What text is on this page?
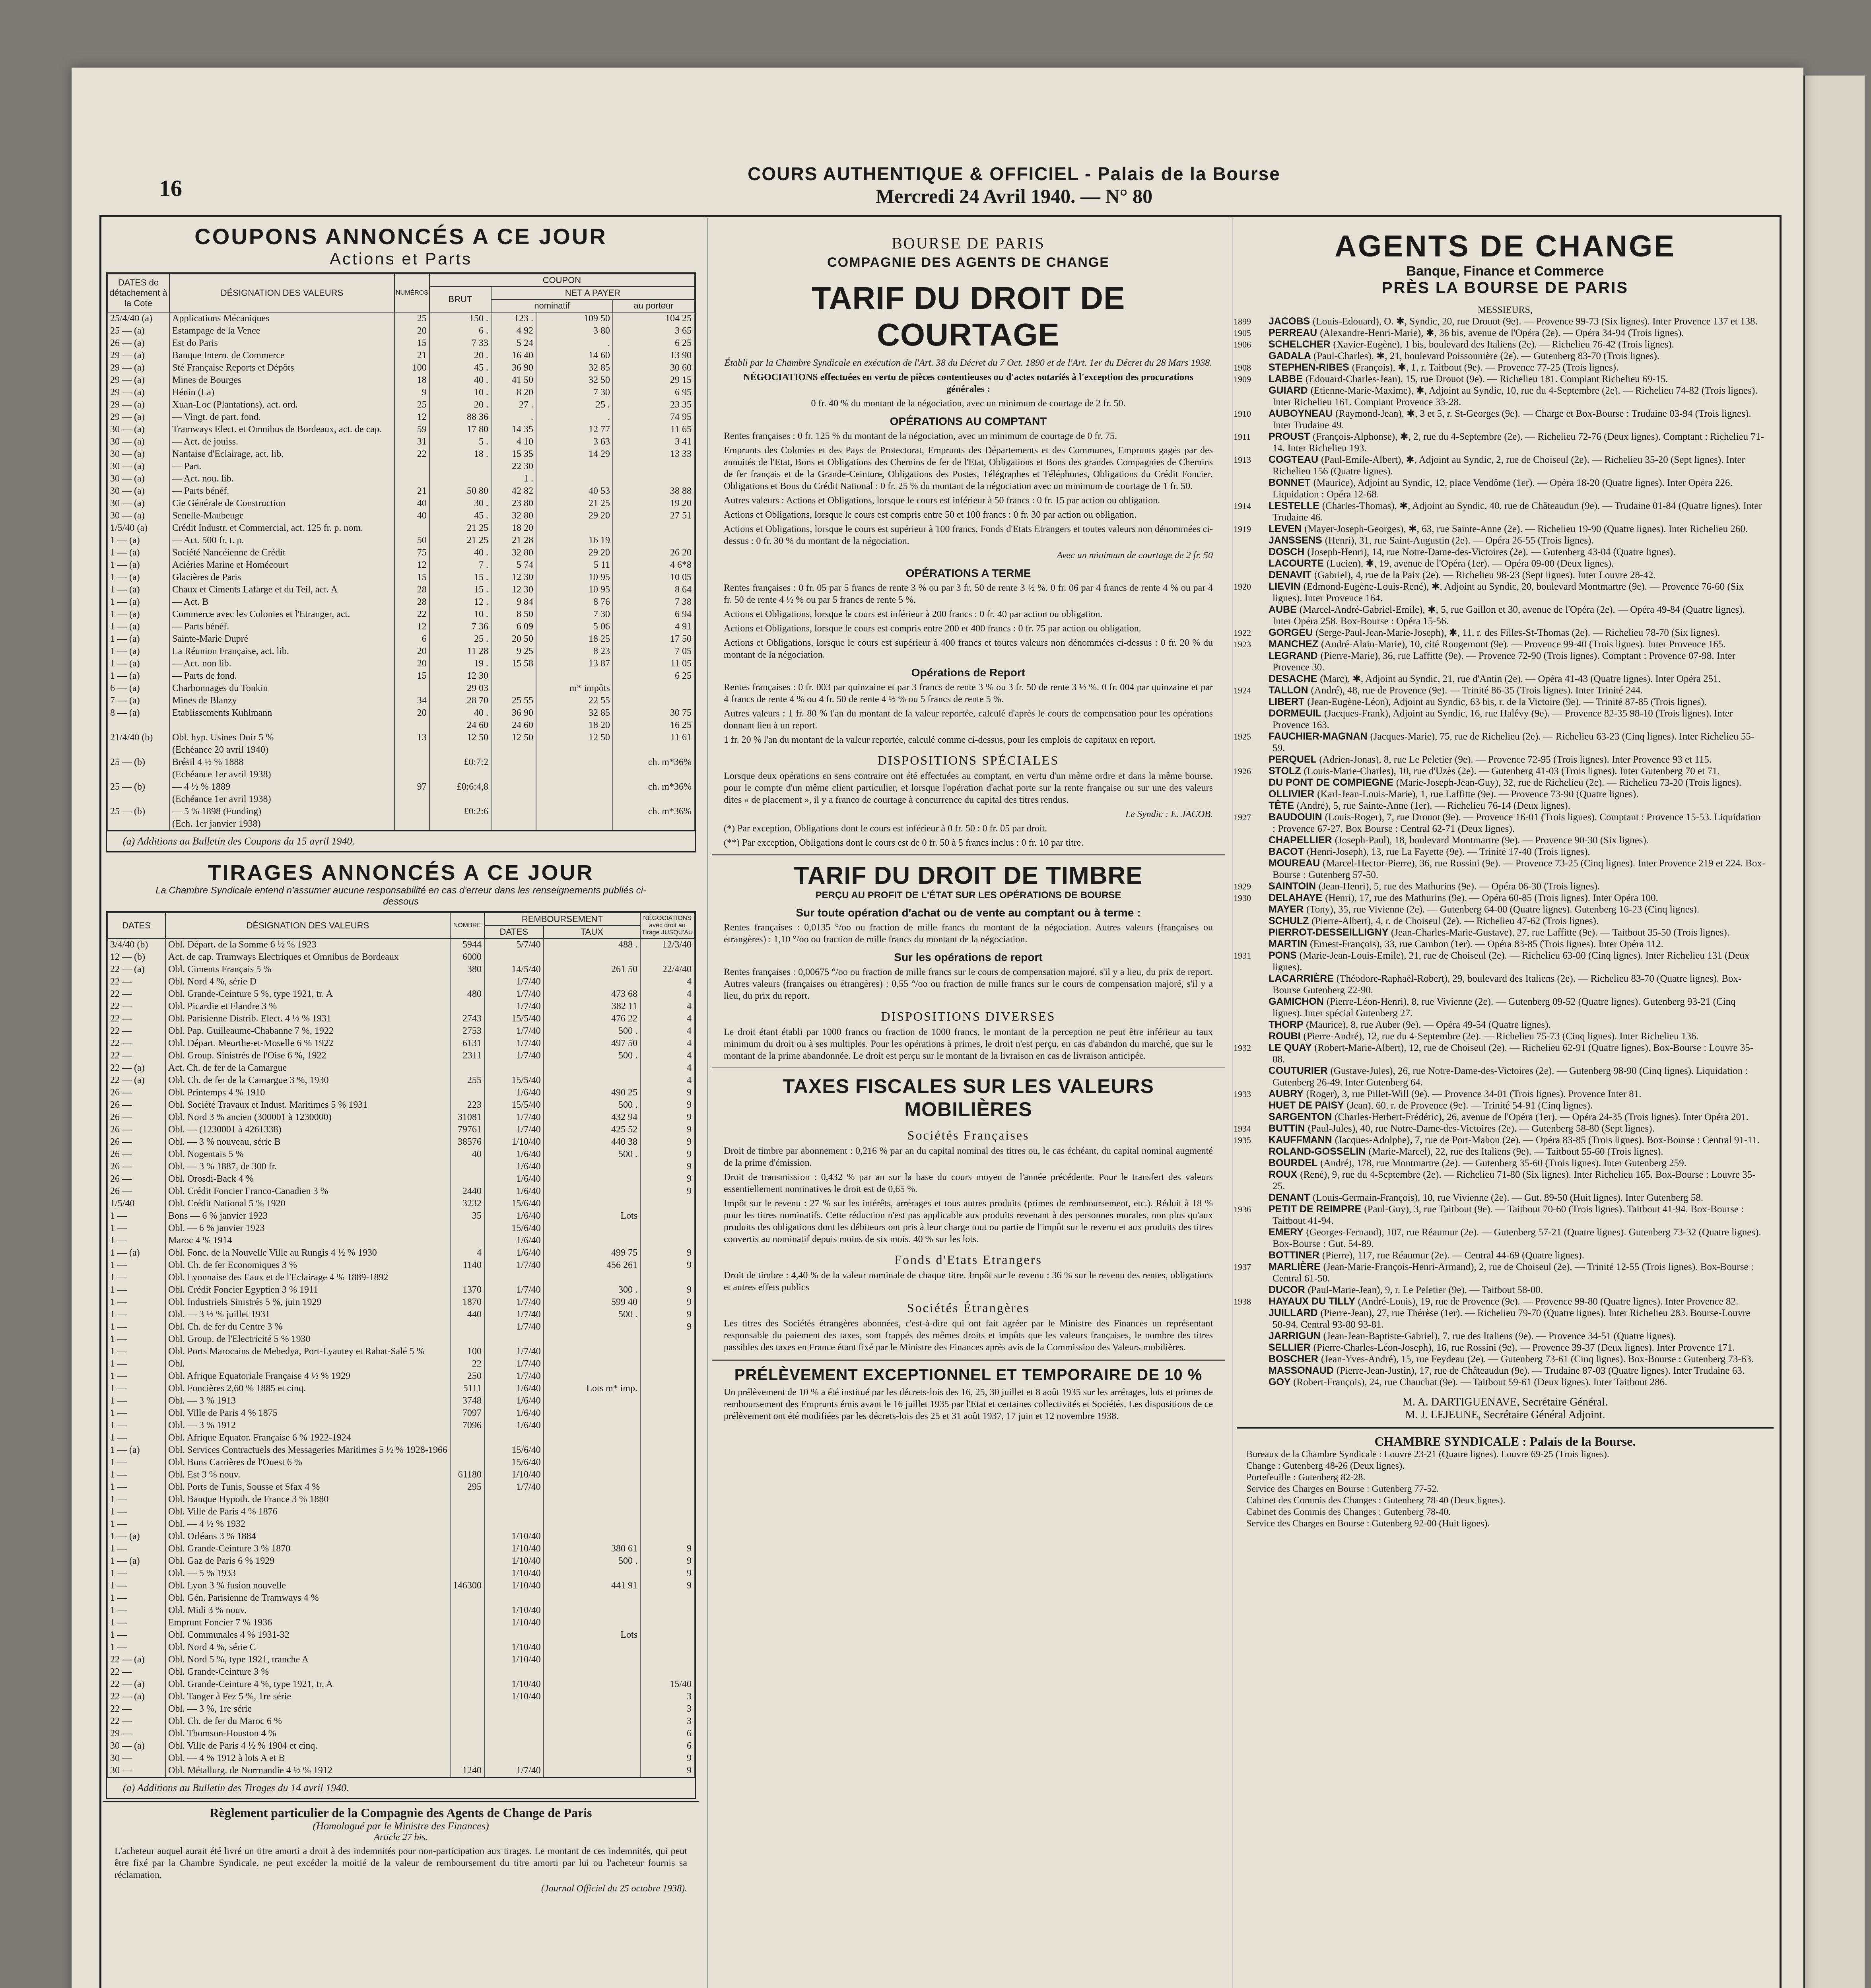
16
COURS AUTHENTIQUE & OFFICIEL - Palais de la Bourse
Mercredi 24 Avril 1940. — N° 80
COUPONS ANNONCÉS A CE JOUR
Actions et Parts
DATES de détachement à la Cote	DÉSIGNATION DES VALEURS	NUMÉROS	COUPON			
			BRUT	NET A PAYER		
				nominatif		au porteur
25/4/40 (a)	Applications Mécaniques	25	150 .	123 .	109 50	104 25
25 — (a)	Estampage de la Vence	20	6 .	4 92	3 80	3 65
26 — (a)	Est do Paris	15	7 33	5 24	.	6 25
29 — (a)	Banque Intern. de Commerce	21	20 .	16 40	14 60	13 90
29 — (a)	Sté Française Reports et Dépôts	100	45 .	36 90	32 85	30 60
29 — (a)	Mines de Bourges	18	40 .	41 50	32 50	29 15
29 — (a)	Hénin (La)	9	10 .	8 20	7 30	6 95
29 — (a)	Xuan-Loc (Plantations), act. ord.	25	20 .	27 .	25 .	23 35
29 — (a)	— Vingt. de part. fond.	12	88 36	.	.	74 95
30 — (a)	Tramways Elect. et Omnibus de Bordeaux, act. de cap.	59	17 80	14 35	12 77	11 65
30 — (a)	— Act. de jouiss.	31	5 .	4 10	3 63	3 41
30 — (a)	Nantaise d'Eclairage, act. lib.	22	18 .	15 35	14 29	13 33
30 — (a)	— Part.			22 30		
30 — (a)	— Act. nou. lib.			1 .		
30 — (a)	— Parts bénéf.	21	50 80	42 82	40 53	38 88
30 — (a)	Cie Générale de Construction	40	30 .	23 80	21 25	19 20
30 — (a)	Senelle-Maubeuge	40	45 .	32 80	29 20	27 51
1/5/40 (a)	Crédit Industr. et Commercial, act. 125 fr. p. nom.		21 25	18 20		
1 — (a)	— Act. 500 fr. t. p.	50	21 25	21 28	16 19	
1 — (a)	Société Nancéienne de Crédit	75	40 .	32 80	29 20	26 20
1 — (a)	Aciéries Marine et Homécourt	12	7 .	5 74	5 11	4 6*8
1 — (a)	Glacières de Paris	15	15 .	12 30	10 95	10 05
1 — (a)	Chaux et Ciments Lafarge et du Teil, act. A	28	15 .	12 30	10 95	8 64
1 — (a)	— Act. B	28	12 .	9 84	8 76	7 38
1 — (a)	Commerce avec les Colonies et l'Etranger, act.	22	10 .	8 50	7 30	6 94
1 — (a)	— Parts bénéf.	12	7 36	6 09	5 06	4 91
1 — (a)	Sainte-Marie Dupré	6	25 .	20 50	18 25	17 50
1 — (a)	La Réunion Française, act. lib.	20	11 28	9 25	8 23	7 05
1 — (a)	— Act. non lib.	20	19 .	15 58	13 87	11 05
1 — (a)	— Parts de fond.	15	12 30			6 25
6 — (a)	Charbonnages du Tonkin		29 03		m* impôts	
7 — (a)	Mines de Blanzy	34	28 70	25 55	22 55	
8 — (a)	Etablissements Kuhlmann	20	40 .	36 90	32 85	30 75
			24 60	24 60	18 20	16 25
21/4/40 (b)	Obl. hyp. Usines Doir 5 %	13	12 50	12 50	12 50	11 61
	(Echéance 20 avril 1940)					
25 — (b)	Brésil 4 ½ % 1888		£0:7:2			ch. m*36%
	(Echéance 1er avril 1938)					
25 — (b)	— 4 ½ % 1889	97	£0:6:4,8			ch. m*36%
	(Echéance 1er avril 1938)					
25 — (b)	— 5 % 1898 (Funding)		£0:2:6			ch. m*36%
	(Ech. 1er janvier 1938)					
(a) Additions au Bulletin des Coupons du 15 avril 1940.
TIRAGES ANNONCÉS A CE JOUR
La Chambre Syndicale entend n'assumer aucune responsabilité en cas d'erreur dans les renseignements publiés ci-dessous
DATES	DÉSIGNATION DES VALEURS	NOMBRE	REMBOURSEMENT		NÉGOCIATIONS avec droit au Tirage JUSQU'AU
			DATES	TAUX	
3/4/40 (b)	Obl. Départ. de la Somme 6 ½ % 1923	5944	5/7/40	488 .	12/3/40
12 — (b)	Act. de cap. Tramways Electriques et Omnibus de Bordeaux	6000			
22 — (a)	Obl. Ciments Français 5 %	380	14/5/40	261 50	22/4/40
22 —	Obl. Nord 4 %, série D		1/7/40		4
22 —	Obl. Grande-Ceinture 5 %, type 1921, tr. A	480	1/7/40	473 68	4
22 —	Obl. Picardie et Flandre 3 %		1/7/40	382 11	4
22 —	Obl. Parisienne Distrib. Elect. 4 ½ % 1931	2743	15/5/40	476 22	4
22 —	Obl. Pap. Guilleaume-Chabanne 7 %, 1922	2753	1/7/40	500 .	4
22 —	Obl. Départ. Meurthe-et-Moselle 6 % 1922	6131	1/7/40	497 50	4
22 —	Obl. Group. Sinistrés de l'Oise 6 %, 1922	2311	1/7/40	500 .	4
22 — (a)	Act. Ch. de fer de la Camargue				4
22 — (a)	Obl. Ch. de fer de la Camargue 3 %, 1930	255	15/5/40		4
26 —	Obl. Printemps 4 % 1910		1/6/40	490 25	9
26 —	Obl. Société Travaux et Indust. Maritimes 5 % 1931	223	15/5/40	500 .	9
26 —	Obl. Nord 3 % ancien (300001 à 1230000)	31081	1/7/40	432 94	9
26 —	Obl. — (1230001 à 4261338)	79761	1/7/40	425 52	9
26 —	Obl. — 3 % nouveau, série B	38576	1/10/40	440 38	9
26 —	Obl. Nogentais 5 %	40	1/6/40	500 .	9
26 —	Obl. — 3 % 1887, de 300 fr.		1/6/40		9
26 —	Obl. Orosdi-Back 4 %		1/6/40		9
26 —	Obl. Crédit Foncier Franco-Canadien 3 %	2440	1/6/40		9
1/5/40	Obl. Crédit National 5 % 1920	3232	15/6/40		
1 —	Bons — 6 % janvier 1923	35	1/6/40	Lots	
1 —	Obl. — 6 % janvier 1923		15/6/40		
1 —	Maroc 4 % 1914		1/6/40		
1 — (a)	Obl. Fonc. de la Nouvelle Ville au Rungis 4 ½ % 1930	4	1/6/40	499 75	9
1 —	Obl. Ch. de fer Economiques 3 %	1140	1/7/40	456 261	9
1 —	Obl. Lyonnaise des Eaux et de l'Eclairage 4 % 1889-1892				
1 —	Obl. Crédit Foncier Egyptien 3 % 1911	1370	1/7/40	300 .	9
1 —	Obl. Industriels Sinistrés 5 %, juin 1929	1870	1/7/40	599 40	9
1 —	Obl. — 3 ½ % juillet 1931	440	1/7/40	500 .	9
1 —	Obl. Ch. de fer du Centre 3 %		1/7/40		9
1 —	Obl. Group. de l'Electricité 5 % 1930				
1 —	Obl. Ports Marocains de Mehedya, Port-Lyautey et Rabat-Salé 5 %	100	1/7/40		
1 —	Obl.	22	1/7/40		
1 —	Obl. Afrique Equatoriale Française 4 ½ % 1929	250	1/7/40		
1 —	Obl. Foncières 2,60 % 1885 et cinq.	5111	1/6/40	Lots m* imp.	
1 —	Obl. — 3 % 1913	3748	1/6/40		
1 —	Obl. Ville de Paris 4 % 1875	7097	1/6/40		
1 —	Obl. — 3 % 1912	7096	1/6/40		
1 —	Obl. Afrique Equator. Française 6 % 1922-1924				
1 — (a)	Obl. Services Contractuels des Messageries Maritimes 5 ½ % 1928-1966		15/6/40		
1 —	Obl. Bons Carrières de l'Ouest 6 %		15/6/40		
1 —	Obl. Est 3 % nouv.	61180	1/10/40		
1 —	Obl. Ports de Tunis, Sousse et Sfax 4 %	295	1/7/40		
1 —	Obl. Banque Hypoth. de France 3 % 1880				
1 —	Obl. Ville de Paris 4 % 1876				
1 —	Obl. — 4 ½ % 1932				
1 — (a)	Obl. Orléans 3 % 1884		1/10/40		
1 —	Obl. Grande-Ceinture 3 % 1870		1/10/40	380 61	9
1 — (a)	Obl. Gaz de Paris 6 % 1929		1/10/40	500 .	9
1 —	Obl. — 5 % 1933		1/10/40		9
1 —	Obl. Lyon 3 % fusion nouvelle	146300	1/10/40	441 91	9
1 —	Obl. Gén. Parisienne de Tramways 4 %				
1 —	Obl. Midi 3 % nouv.		1/10/40		
1 —	Emprunt Foncier 7 % 1936		1/10/40		
1 —	Obl. Communales 4 % 1931-32			Lots	
1 —	Obl. Nord 4 %, série C		1/10/40		
22 — (a)	Obl. Nord 5 %, type 1921, tranche A		1/10/40		
22 —	Obl. Grande-Ceinture 3 %				
22 — (a)	Obl. Grande-Ceinture 4 %, type 1921, tr. A		1/10/40		15/40
22 — (a)	Obl. Tanger à Fez 5 %, 1re série		1/10/40		3
22 —	Obl. — 3 %, 1re série				3
22 —	Obl. Ch. de fer du Maroc 6 %				3
29 —	Obl. Thomson-Houston 4 %				6
30 — (a)	Obl. Ville de Paris 4 ½ % 1904 et cinq.				6
30 —	Obl. — 4 % 1912 à lots A et B				9
30 —	Obl. Métallurg. de Normandie 4 ½ % 1912	1240	1/7/40		9
(a) Additions au Bulletin des Tirages du 14 avril 1940.
Règlement particulier de la Compagnie des Agents de Change de Paris
(Homologué par le Ministre des Finances)
Article 27 bis.

L'acheteur auquel aurait été livré un titre amorti a droit à des indemnités pour non-participation aux tirages. Le montant de ces indemnités, qui peut être fixé par la Chambre Syndicale, ne peut excéder la moitié de la valeur de remboursement du titre amorti par lui ou l'acheteur fournis sa réclamation.

(Journal Officiel du 25 octobre 1938).
BOURSE DE PARIS
COMPAGNIE DES AGENTS DE CHANGE
TARIF DU DROIT DE COURTAGE

Établi par la Chambre Syndicale en exécution de l'Art. 38 du Décret du 7 Oct. 1890 et de l'Art. 1er du Décret du 28 Mars 1938.

NÉGOCIATIONS effectuées en vertu de pièces contentieuses ou d'actes notariés à l'exception des procurations générales :

0 fr. 40 % du montant de la négociation, avec un minimum de courtage de 2 fr. 50.

OPÉRATIONS AU COMPTANT

Rentes françaises : 0 fr. 125 % du montant de la négociation, avec un minimum de courtage de 0 fr. 75.

Emprunts des Colonies et des Pays de Protectorat, Emprunts des Départements et des Communes, Emprunts gagés par des annuités de l'Etat, Bons et Obligations des Chemins de fer de l'Etat, Obligations et Bons des grandes Compagnies de Chemins de fer français et de la Grande-Ceinture, Obligations des Postes, Télégraphes et Téléphones, Obligations du Crédit Foncier, Obligations et Bons du Crédit National : 0 fr. 25 % du montant de la négociation avec un minimum de courtage de 1 fr. 50.

Autres valeurs : Actions et Obligations, lorsque le cours est inférieur à 50 francs : 0 fr. 15 par action ou obligation.

Actions et Obligations, lorsque le cours est compris entre 50 et 100 francs : 0 fr. 30 par action ou obligation.

Actions et Obligations, lorsque le cours est supérieur à 100 francs, Fonds d'Etats Etrangers et toutes valeurs non dénommées ci-dessus : 0 fr. 30 % du montant de la négociation.

Avec un minimum de courtage de 2 fr. 50

OPÉRATIONS A TERME

Rentes françaises : 0 fr. 05 par 5 francs de rente 3 % ou par 3 fr. 50 de rente 3 ½ %. 0 fr. 06 par 4 francs de rente 4 % ou par 4 fr. 50 de rente 4 ½ % ou par 5 francs de rente 5 %.

Actions et Obligations, lorsque le cours est inférieur à 200 francs : 0 fr. 40 par action ou obligation.

Actions et Obligations, lorsque le cours est compris entre 200 et 400 francs : 0 fr. 75 par action ou obligation.

Actions et Obligations, lorsque le cours est supérieur à 400 francs et toutes valeurs non dénommées ci-dessus : 0 fr. 20 % du montant de la négociation.

Opérations de Report

Rentes françaises : 0 fr. 003 par quinzaine et par 3 francs de rente 3 % ou 3 fr. 50 de rente 3 ½ %. 0 fr. 004 par quinzaine et par 4 francs de rente 4 % ou 4 fr. 50 de rente 4 ½ % ou 5 francs de rente 5 %.

Autres valeurs : 1 fr. 80 % l'an du montant de la valeur reportée, calculé d'après le cours de compensation pour les opérations donnant lieu à un report.

1 fr. 20 % l'an du montant de la valeur reportée, calculé comme ci-dessus, pour les emplois de capitaux en report.

DISPOSITIONS SPÉCIALES

Lorsque deux opérations en sens contraire ont été effectuées au comptant, en vertu d'un même ordre et dans la même bourse, pour le compte d'un même client particulier, et lorsque l'opération d'achat porte sur la rente française ou sur une des valeurs dites « de placement », il y a franco de courtage à concurrence du capital des titres rendus.

Le Syndic : E. JACOB.

(*) Par exception, Obligations dont le cours est inférieur à 0 fr. 50 : 0 fr. 05 par droit.

(**) Par exception, Obligations dont le cours est de 0 fr. 50 à 5 francs inclus : 0 fr. 10 par titre.

TARIF DU DROIT DE TIMBRE
PERÇU AU PROFIT DE L'ÉTAT SUR LES OPÉRATIONS DE BOURSE
Sur toute opération d'achat ou de vente au comptant ou à terme :

Rentes françaises : 0,0135 °/oo ou fraction de mille francs du montant de la négociation. Autres valeurs (françaises ou étrangères) : 1,10 °/oo ou fraction de mille francs du montant de la négociation.

Sur les opérations de report

Rentes françaises : 0,00675 °/oo ou fraction de mille francs sur le cours de compensation majoré, s'il y a lieu, du prix de report. Autres valeurs (françaises ou étrangères) : 0,55 °/oo ou fraction de mille francs sur le cours de compensation majoré, s'il y a lieu, du prix du report.

DISPOSITIONS DIVERSES

Le droit étant établi par 1000 francs ou fraction de 1000 francs, le montant de la perception ne peut être inférieur au taux minimum du droit ou à ses multiples. Pour les opérations à primes, le droit n'est perçu, en cas d'abandon du marché, que sur le montant de la prime abandonnée. Le droit est perçu sur le montant de la livraison en cas de livraison anticipée.

TAXES FISCALES SUR LES VALEURS MOBILIÈRES
Sociétés Françaises

Droit de timbre par abonnement : 0,216 % par an du capital nominal des titres ou, le cas échéant, du capital nominal augmenté de la prime d'émission.

Droit de transmission : 0,432 % par an sur la base du cours moyen de l'année précédente. Pour le transfert des valeurs essentiellement nominatives le droit est de 0,65 %.

Impôt sur le revenu : 27 % sur les intérêts, arrérages et tous autres produits (primes de remboursement, etc.). Réduit à 18 % pour les titres nominatifs. Cette réduction n'est pas applicable aux produits revenant à des personnes morales, non plus qu'aux produits des obligations dont les débiteurs ont pris à leur charge tout ou partie de l'impôt sur le revenu et aux produits des titres convertis au nominatif depuis moins de six mois. 40 % sur les lots.

Fonds d'Etats Etrangers

Droit de timbre : 4,40 % de la valeur nominale de chaque titre. Impôt sur le revenu : 36 % sur le revenu des rentes, obligations et autres effets publics

Sociétés Étrangères

Les titres des Sociétés étrangères abonnées, c'est-à-dire qui ont fait agréer par le Ministre des Finances un représentant responsable du paiement des taxes, sont frappés des mêmes droits et impôts que les valeurs françaises, le nombre des titres passibles des taxes en France étant fixé par le Ministre des Finances après avis de la Commission des Valeurs mobilières.

PRÉLÈVEMENT EXCEPTIONNEL ET TEMPORAIRE DE 10 %

Un prélèvement de 10 % a été institué par les décrets-lois des 16, 25, 30 juillet et 8 août 1935 sur les arrérages, lots et primes de remboursement des Emprunts émis avant le 16 juillet 1935 par l'Etat et certaines collectivités et Sociétés. Les dispositions de ce prélèvement ont été modifiées par les décrets-lois des 25 et 31 août 1937, 17 juin et 12 novembre 1938.

AGENTS DE CHANGE
Banque, Finance et Commerce
PRÈS LA BOURSE DE PARIS
MESSIEURS,
1899 JACOBS (Louis-Edouard), O. ✱, Syndic, 20, rue Drouot (9e). — Provence 99-73 (Six lignes). Inter Provence 137 et 138.
1905 PERREAU (Alexandre-Henri-Marie), ✱, 36 bis, avenue de l'Opéra (2e). — Opéra 34-94 (Trois lignes).
1906 SCHELCHER (Xavier-Eugène), 1 bis, boulevard des Italiens (2e). — Richelieu 76-42 (Trois lignes).
GADALA (Paul-Charles), ✱, 21, boulevard Poissonnière (2e). — Gutenberg 83-70 (Trois lignes).
1908 STEPHEN-RIBES (François), ✱, 1, r. Taitbout (9e). — Provence 77-25 (Trois lignes).
1909 LABBE (Edouard-Charles-Jean), 15, rue Drouot (9e). — Richelieu 181. Compiant Richelieu 69-15.
GUIARD (Etienne-Marie-Maxime), ✱, Adjoint au Syndic, 10, rue du 4-Septembre (2e). — Richelieu 74-82 (Trois lignes). Inter Richelieu 161. Compiant Provence 33-28.
1910 AUBOYNEAU (Raymond-Jean), ✱, 3 et 5, r. St-Georges (9e). — Charge et Box-Bourse : Trudaine 03-94 (Trois lignes). Inter Trudaine 49.
1911 PROUST (François-Alphonse), ✱, 2, rue du 4-Septembre (2e). — Richelieu 72-76 (Deux lignes). Comptant : Richelieu 71-14. Inter Richelieu 193.
1913 COGTEAU (Paul-Emile-Albert), ✱, Adjoint au Syndic, 2, rue de Choiseul (2e). — Richelieu 35-20 (Sept lignes). Inter Richelieu 156 (Quatre lignes).
BONNET (Maurice), Adjoint au Syndic, 12, place Vendôme (1er). — Opéra 18-20 (Quatre lignes). Inter Opéra 226. Liquidation : Opéra 12-68.
1914 LESTELLE (Charles-Thomas), ✱, Adjoint au Syndic, 40, rue de Châteaudun (9e). — Trudaine 01-84 (Quatre lignes). Inter Trudaine 46.
1919 LEVEN (Mayer-Joseph-Georges), ✱, 63, rue Sainte-Anne (2e). — Richelieu 19-90 (Quatre lignes). Inter Richelieu 260.
JANSSENS (Henri), 31, rue Saint-Augustin (2e). — Opéra 26-55 (Trois lignes).
DOSCH (Joseph-Henri), 14, rue Notre-Dame-des-Victoires (2e). — Gutenberg 43-04 (Quatre lignes).
LACOURTE (Lucien), ✱, 19, avenue de l'Opéra (1er). — Opéra 09-00 (Deux lignes).
DENAVIT (Gabriel), 4, rue de la Paix (2e). — Richelieu 98-23 (Sept lignes). Inter Louvre 28-42.
1920 LIEVIN (Edmond-Eugène-Louis-René), ✱, Adjoint au Syndic, 20, boulevard Montmartre (9e). — Provence 76-60 (Six lignes). Inter Provence 164.
AUBE (Marcel-André-Gabriel-Emile), ✱, 5, rue Gaillon et 30, avenue de l'Opéra (2e). — Opéra 49-84 (Quatre lignes). Inter Opéra 258. Box-Bourse : Opéra 15-56.
1922 GORGEU (Serge-Paul-Jean-Marie-Joseph), ✱, 11, r. des Filles-St-Thomas (2e). — Richelieu 78-70 (Six lignes).
1923 MANCHEZ (André-Alain-Marie), 10, cité Rougemont (9e). — Provence 99-40 (Trois lignes). Inter Provence 165.
LEGRAND (Pierre-Marie), 36, rue Laffitte (9e). — Provence 72-90 (Trois lignes). Comptant : Provence 07-98. Inter Provence 30.
DESACHE (Marc), ✱, Adjoint au Syndic, 21, rue d'Antin (2e). — Opéra 41-43 (Quatre lignes). Inter Opéra 251.
1924 TALLON (André), 48, rue de Provence (9e). — Trinité 86-35 (Trois lignes). Inter Trinité 244.
LIBERT (Jean-Eugène-Léon), Adjoint au Syndic, 63 bis, r. de la Victoire (9e). — Trinité 87-85 (Trois lignes).
DORMEUIL (Jacques-Frank), Adjoint au Syndic, 16, rue Halévy (9e). — Provence 82-35 98-10 (Trois lignes). Inter Provence 163.
1925 FAUCHIER-MAGNAN (Jacques-Marie), 75, rue de Richelieu (2e). — Richelieu 63-23 (Cinq lignes). Inter Richelieu 55-59.
PERQUEL (Adrien-Jonas), 8, rue Le Peletier (9e). — Provence 72-95 (Trois lignes). Inter Provence 93 et 115.
1926 STOLZ (Louis-Marie-Charles), 10, rue d'Uzès (2e). — Gutenberg 41-03 (Trois lignes). Inter Gutenberg 70 et 71.
DU PONT DE COMPIEGNE (Marie-Joseph-Jean-Guy), 32, rue de Richelieu (2e). — Richelieu 73-20 (Trois lignes).
OLLIVIER (Karl-Jean-Louis-Marie), 1, rue Laffitte (9e). — Provence 73-90 (Quatre lignes).
TÊTE (André), 5, rue Sainte-Anne (1er). — Richelieu 76-14 (Deux lignes).
1927 BAUDOUIN (Louis-Roger), 7, rue Drouot (9e). — Provence 16-01 (Trois lignes). Comptant : Provence 15-53. Liquidation : Provence 67-27. Box Bourse : Central 62-71 (Deux lignes).
CHAPELLIER (Joseph-Paul), 18, boulevard Montmartre (9e). — Provence 90-30 (Six lignes).
BACOT (Henri-Joseph), 13, rue La Fayette (9e). — Trinité 17-40 (Trois lignes).
MOUREAU (Marcel-Hector-Pierre), 36, rue Rossini (9e). — Provence 73-25 (Cinq lignes). Inter Provence 219 et 224. Box-Bourse : Gutenberg 57-50.
1929 SAINTOIN (Jean-Henri), 5, rue des Mathurins (9e). — Opéra 06-30 (Trois lignes).
1930 DELAHAYE (Henri), 17, rue des Mathurins (9e). — Opéra 60-85 (Trois lignes). Inter Opéra 100.
MAYER (Tony), 35, rue Vivienne (2e). — Gutenberg 64-00 (Quatre lignes). Gutenberg 16-23 (Cinq lignes).
SCHULZ (Pierre-Albert), 4, r. de Choiseul (2e). — Richelieu 47-62 (Trois lignes).
PIERROT-DESSEILLIGNY (Jean-Charles-Marie-Gustave), 27, rue Laffitte (9e). — Taitbout 35-50 (Trois lignes).
MARTIN (Ernest-François), 33, rue Cambon (1er). — Opéra 83-85 (Trois lignes). Inter Opéra 112.
1931 PONS (Marie-Jean-Louis-Emile), 21, rue de Choiseul (2e). — Richelieu 63-00 (Cinq lignes). Inter Richelieu 131 (Deux lignes).
LACARRIÈRE (Théodore-Raphaël-Robert), 29, boulevard des Italiens (2e). — Richelieu 83-70 (Quatre lignes). Box-Bourse Gutenberg 22-90.
GAMICHON (Pierre-Léon-Henri), 8, rue Vivienne (2e). — Gutenberg 09-52 (Quatre lignes). Gutenberg 93-21 (Cinq lignes). Inter spécial Gutenberg 27.
THORP (Maurice), 8, rue Auber (9e). — Opéra 49-54 (Quatre lignes).
ROUBI (Pierre-André), 12, rue du 4-Septembre (2e). — Richelieu 75-73 (Cinq lignes). Inter Richelieu 136.
1932 LE QUAY (Robert-Marie-Albert), 12, rue de Choiseul (2e). — Richelieu 62-91 (Quatre lignes). Box-Bourse : Louvre 35-08.
COUTURIER (Gustave-Jules), 26, rue Notre-Dame-des-Victoires (2e). — Gutenberg 98-90 (Cinq lignes). Liquidation : Gutenberg 26-49. Inter Gutenberg 64.
1933 AUBRY (Roger), 3, rue Pillet-Will (9e). — Provence 34-01 (Trois lignes). Provence Inter 81.
HUET DE PAISY (Jean), 60, r. de Provence (9e). — Trinité 54-91 (Cinq lignes).
SARGENTON (Charles-Herbert-Frédéric), 26, avenue de l'Opéra (1er). — Opéra 24-35 (Trois lignes). Inter Opéra 201.
1934 BUTTIN (Paul-Jules), 40, rue Notre-Dame-des-Victoires (2e). — Gutenberg 58-80 (Sept lignes).
1935 KAUFFMANN (Jacques-Adolphe), 7, rue de Port-Mahon (2e). — Opéra 83-85 (Trois lignes). Box-Bourse : Central 91-11.
ROLAND-GOSSELIN (Marie-Marcel), 22, rue des Italiens (9e). — Taitbout 55-60 (Trois lignes).
BOURDEL (André), 178, rue Montmartre (2e). — Gutenberg 35-60 (Trois lignes). Inter Gutenberg 259.
ROUX (René), 9, rue du 4-Septembre (2e). — Richelieu 71-80 (Six lignes). Inter Richelieu 165. Box-Bourse : Louvre 35-25.
DENANT (Louis-Germain-François), 10, rue Vivienne (2e). — Gut. 89-50 (Huit lignes). Inter Gutenberg 58.
1936 PETIT DE REIMPRE (Paul-Guy), 3, rue Taitbout (9e). — Taitbout 70-60 (Trois lignes). Taitbout 41-94. Box-Bourse : Taitbout 41-94.
EMERY (Georges-Fernand), 107, rue Réaumur (2e). — Gutenberg 57-21 (Quatre lignes). Gutenberg 73-32 (Quatre lignes). Box-Bourse : Gut. 54-89.
BOTTINER (Pierre), 117, rue Réaumur (2e). — Central 44-69 (Quatre lignes).
1937 MARLIÈRE (Jean-Marie-François-Henri-Armand), 2, rue de Choiseul (2e). — Trinité 12-55 (Trois lignes). Box-Bourse : Central 61-50.
DUCOR (Paul-Marie-Jean), 9, r. Le Peletier (9e). — Taitbout 58-00.
1938 HAYAUX DU TILLY (André-Louis), 19, rue de Provence (9e). — Provence 99-80 (Quatre lignes). Inter Provence 82.
JUILLARD (Pierre-Jean), 27, rue Thérèse (1er). — Richelieu 79-70 (Quatre lignes). Inter Richelieu 283. Bourse-Louvre 50-94. Central 93-80 93-81.
JARRIGUN (Jean-Jean-Baptiste-Gabriel), 7, rue des Italiens (9e). — Provence 34-51 (Quatre lignes).
SELLIER (Pierre-Charles-Léon-Joseph), 16, rue Rossini (9e). — Provence 39-37 (Deux lignes). Inter Provence 171.
BOSCHER (Jean-Yves-André), 15, rue Feydeau (2e). — Gutenberg 73-61 (Cinq lignes). Box-Bourse : Gutenberg 73-63.
MASSONAUD (Pierre-Jean-Justin), 17, rue de Châteaudun (9e). — Trudaine 87-03 (Quatre lignes). Inter Trudaine 63.
GOY (Robert-François), 24, rue Chauchat (9e). — Taitbout 59-61 (Deux lignes). Inter Taitbout 286.
M. A. DARTIGUENAVE, Secrétaire Général.
M. J. LEJEUNE, Secrétaire Général Adjoint.
CHAMBRE SYNDICALE : Palais de la Bourse.
Bureaux de la Chambre Syndicale : Louvre 23-21 (Quatre lignes). Louvre 69-25 (Trois lignes).
Change : Gutenberg 48-26 (Deux lignes).
Portefeuille : Gutenberg 82-28.
Service des Charges en Bourse : Gutenberg 77-52.
Cabinet des Commis des Changes : Gutenberg 78-40 (Deux lignes).
Cabinet des Commis des Changes : Gutenberg 78-40.
Service des Charges en Bourse : Gutenberg 92-00 (Huit lignes).
